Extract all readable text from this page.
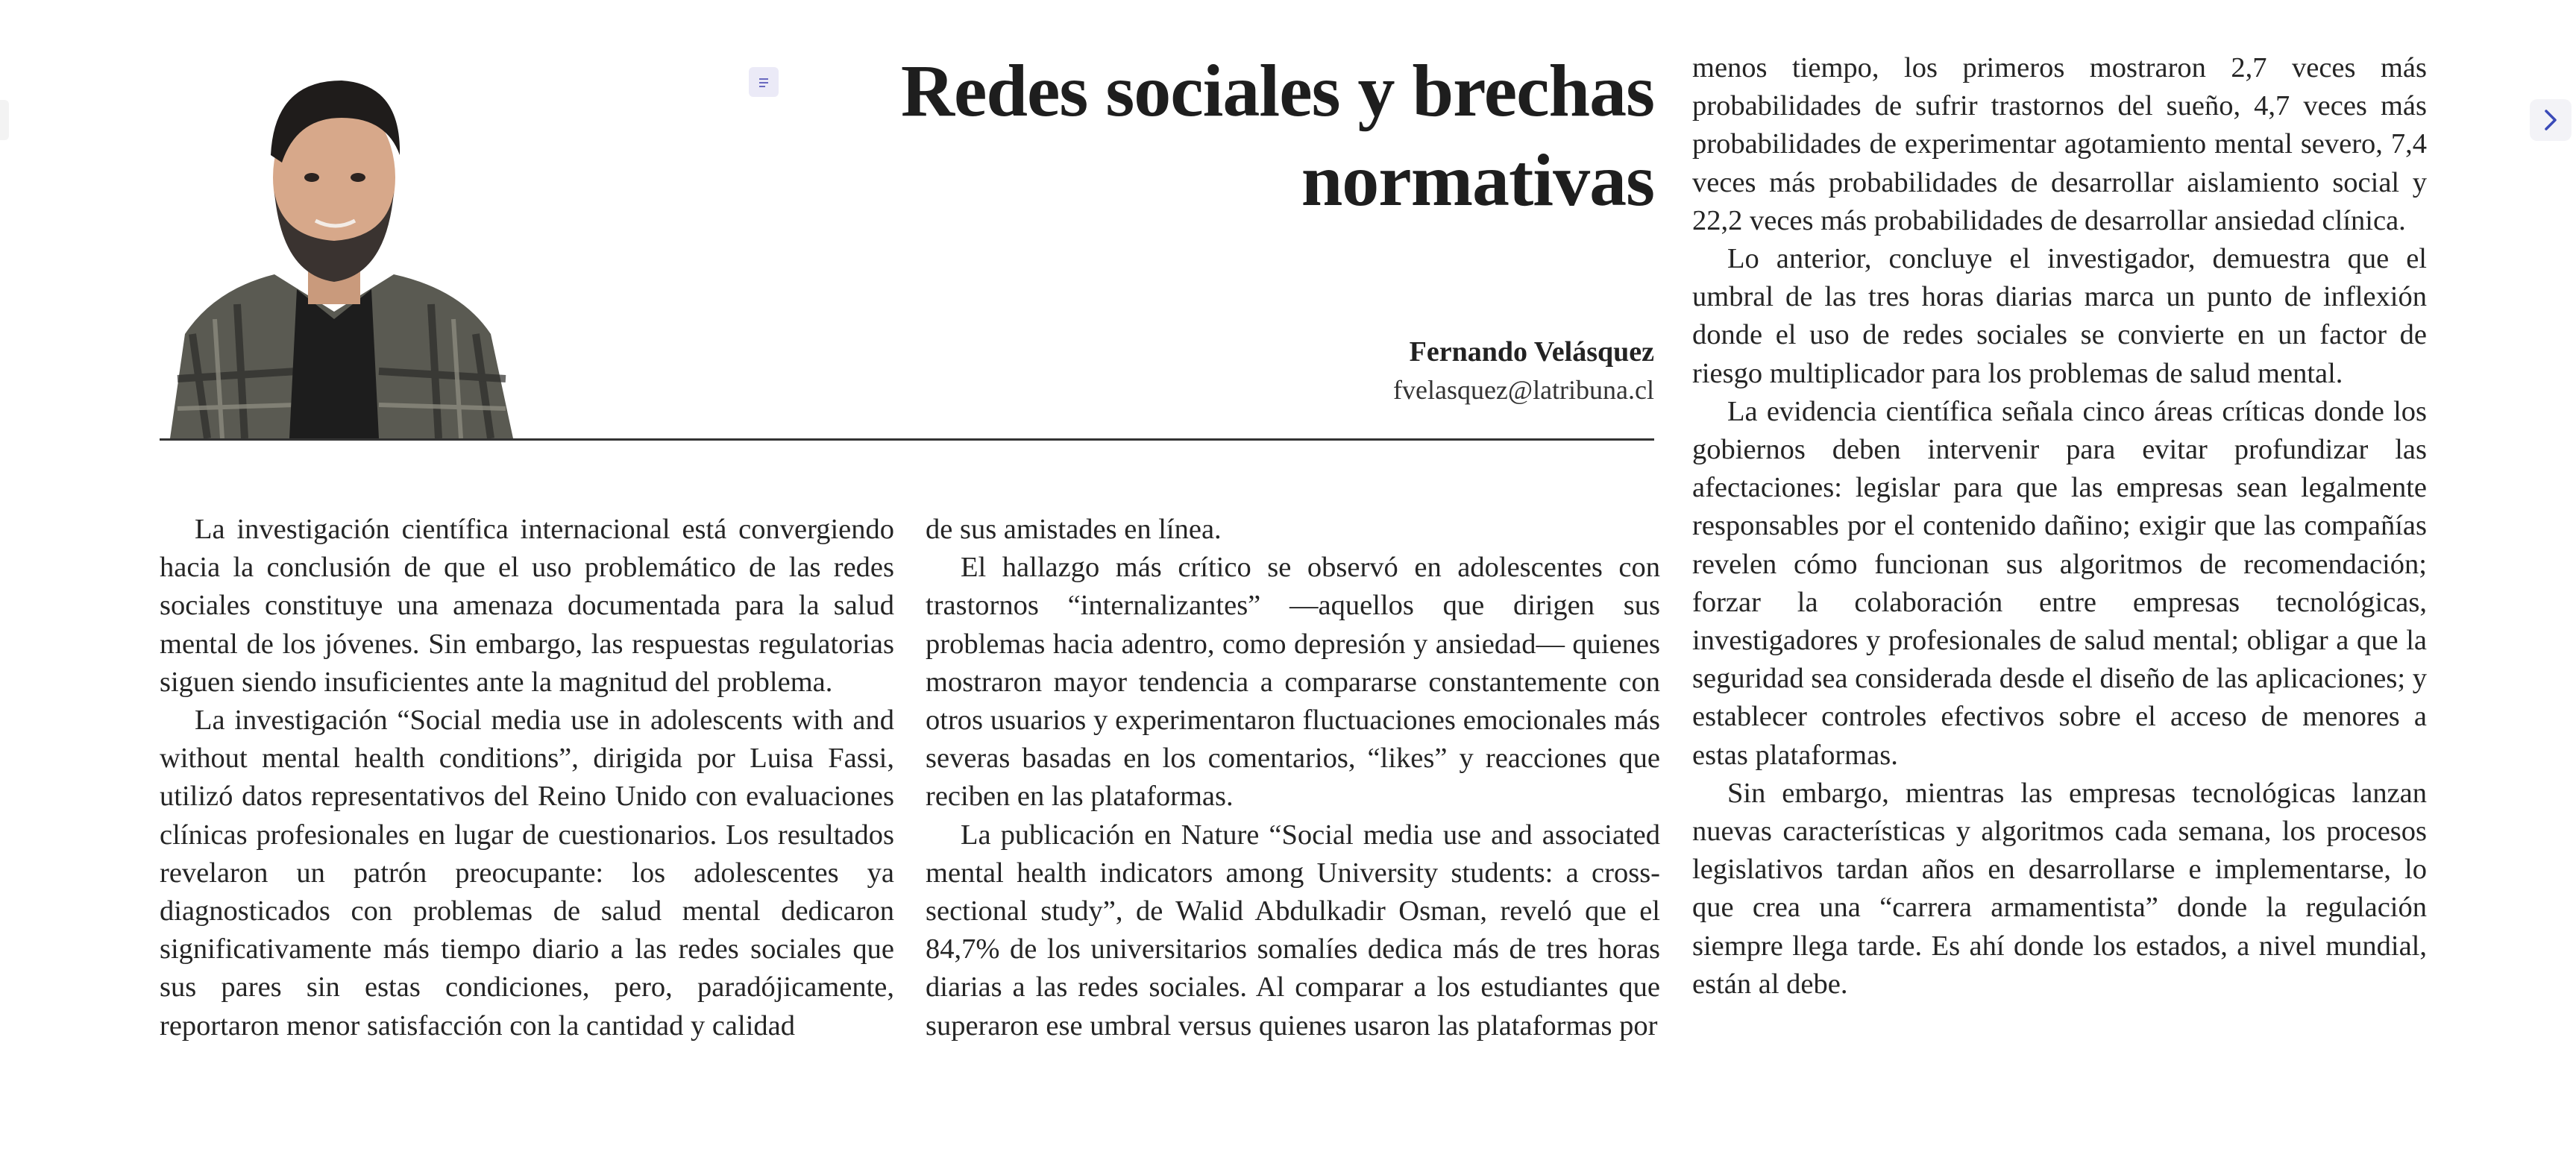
Redes sociales y brechas
normativas
Fernando Velásquez
fvelasquez@latribuna.cl

La investigación científica internacional está convergiendo hacia la conclusión de que el uso problemático de las redes sociales constituye una amenaza documentada para la salud mental de los jóvenes. Sin embargo, las respuestas regulatorias siguen siendo insuficientes ante la magnitud del problema.

La investigación “Social media use in adolescents with and without mental health conditions”, dirigida por Luisa Fassi, utilizó datos representativos del Reino Unido con evaluaciones clínicas profesionales en lugar de cuestionarios. Los resultados revelaron un patrón preocupante: los adolescentes ya diagnosticados con problemas de salud mental dedicaron significativamente más tiempo diario a las redes sociales que sus pares sin estas condiciones, pero, paradójicamente, reportaron menor satisfacción con la cantidad y calidad

de sus amistades en línea.

El hallazgo más crítico se observó en adolescentes con trastornos “internalizantes” —aquellos que dirigen sus problemas hacia adentro, como depresión y ansiedad— quienes mostraron mayor tendencia a compararse constantemente con otros usuarios y experimentaron fluctuaciones emocionales más severas basadas en los comentarios, “likes” y reacciones que reciben en las plataformas.

La publicación en Nature “Social media use and associated mental health indicators among University students: a cross-sectional study”, de Walid Abdulkadir Osman, reveló que el 84,7% de los universitarios somalíes dedica más de tres horas diarias a las redes sociales. Al comparar a los estudiantes que superaron ese umbral versus quienes usaron las plataformas por

menos tiempo, los primeros mostraron 2,7 veces más probabilidades de sufrir trastornos del sueño, 4,7 veces más probabilidades de experimentar agotamiento mental severo, 7,4 veces más probabilidades de desarrollar aislamiento social y 22,2 veces más probabilidades de desarrollar ansiedad clínica.

Lo anterior, concluye el investigador, demuestra que el umbral de las tres horas diarias marca un punto de inflexión donde el uso de redes sociales se convierte en un factor de riesgo multiplicador para los problemas de salud mental.

La evidencia científica señala cinco áreas críticas donde los gobiernos deben intervenir para evitar profundizar las afectaciones: legislar para que las empresas sean legalmente responsables por el contenido dañino; exigir que las compañías revelen cómo funcionan sus algoritmos de recomendación; forzar la colaboración entre empresas tecnológicas, investigadores y profesionales de salud mental; obligar a que la seguridad sea considerada desde el diseño de las aplicaciones; y establecer controles efectivos sobre el acceso de menores a estas plataformas.

Sin embargo, mientras las empresas tecnológicas lanzan nuevas características y algoritmos cada semana, los procesos legislativos tardan años en desarrollarse e implementarse, lo que crea una “carrera armamentista” donde la regulación siempre llega tarde. Es ahí donde los estados, a nivel mundial, están al debe.
